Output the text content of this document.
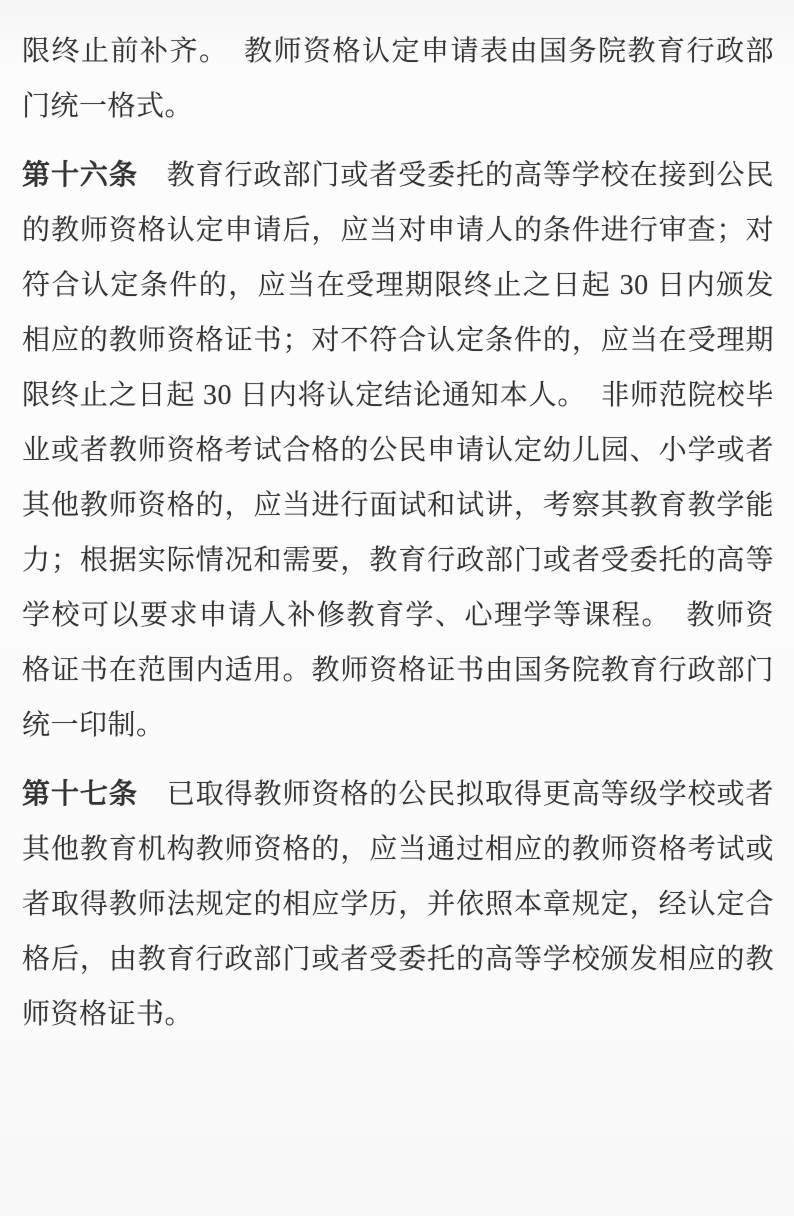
限终止前补齐。　教师资格认定申请表由国务院教育行政部门统一格式。

第十六条　教育行政部门或者受委托的高等学校在接到公民的教师资格认定申请后，应当对申请人的条件进行审查；对符合认定条件的，应当在受理期限终止之日起 30 日内颁发相应的教师资格证书；对不符合认定条件的，应当在受理期限终止之日起 30 日内将认定结论通知本人。　非师范院校毕业或者教师资格考试合格的公民申请认定幼儿园、小学或者其他教师资格的，应当进行面试和试讲，考察其教育教学能力；根据实际情况和需要，教育行政部门或者受委托的高等学校可以要求申请人补修教育学、心理学等课程。　教师资格证书在范围内适用。教师资格证书由国务院教育行政部门统一印制。

第十七条　已取得教师资格的公民拟取得更高等级学校或者其他教育机构教师资格的，应当通过相应的教师资格考试或者取得教师法规定的相应学历，并依照本章规定，经认定合格后，由教育行政部门或者受委托的高等学校颁发相应的教师资格证书。
